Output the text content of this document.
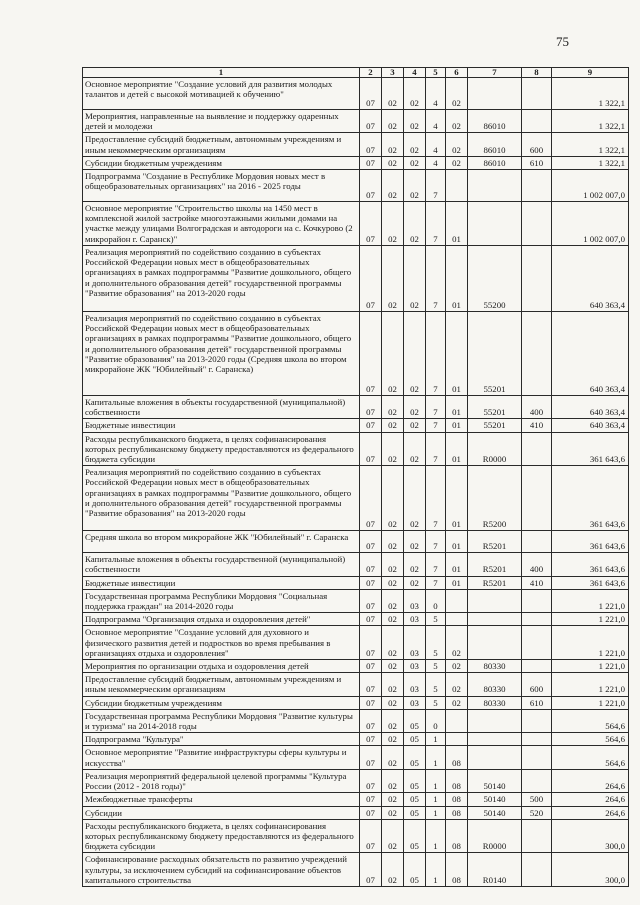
75
1	2	3	4	5	6	7	8	9
Основное мероприятие "Создание условий для развития молодых талантов и детей с высокой мотивацией к обучению"	07	02	02	4	02			1 322,1
Мероприятия, направленные на выявление и поддержку одаренных детей и молодежи	07	02	02	4	02	86010		1 322,1
Предоставление субсидий бюджетным, автономным учреждениям и иным некоммерческим организациям	07	02	02	4	02	86010	600	1 322,1
Субсидии бюджетным учреждениям	07	02	02	4	02	86010	610	1 322,1
Подпрограмма "Создание в Республике Мордовия новых мест в общеобразовательных организациях" на 2016 - 2025 годы	07	02	02	7				1 002 007,0
Основное мероприятие "Строительство школы на 1450 мест в комплексной жилой застройке многоэтажными жилыми домами на участке между улицами Волгоградская и автодороги на с. Кочкурово (2 микрорайон г. Саранск)"	07	02	02	7	01			1 002 007,0
Реализация мероприятий по содействию созданию в субъектах Российской Федерации новых мест в общеобразовательных организациях в рамках подпрограммы "Развитие дошкольного, общего и дополнительного образования детей" государственной программы "Развитие образования" на 2013-2020 годы	07	02	02	7	01	55200		640 363,4
Реализация мероприятий по содействию созданию в субъектах Российской Федерации новых мест в общеобразовательных организациях в рамках подпрограммы "Развитие дошкольного, общего и дополнительного образования детей" государственной программы "Развитие образования" на 2013-2020 годы (Средняя школа во втором микрорайоне ЖК "Юбилейный" г. Саранска)	07	02	02	7	01	55201		640 363,4
Капитальные вложения в объекты государственной (муниципальной) собственности	07	02	02	7	01	55201	400	640 363,4
Бюджетные инвестиции	07	02	02	7	01	55201	410	640 363,4
Расходы республиканского бюджета, в целях софинансирования которых республиканскому бюджету предоставляются из федерального бюджета субсидии	07	02	02	7	01	R0000		361 643,6
Реализация мероприятий по содействию созданию в субъектах Российской Федерации новых мест в общеобразовательных организациях в рамках подпрограммы "Развитие дошкольного, общего и дополнительного образования детей" государственной программы "Развитие образования" на 2013-2020 годы	07	02	02	7	01	R5200		361 643,6
Средняя школа во втором микрорайоне ЖК "Юбилейный" г. Саранска	07	02	02	7	01	R5201		361 643,6
Капитальные вложения в объекты государственной (муниципальной) собственности	07	02	02	7	01	R5201	400	361 643,6
Бюджетные инвестиции	07	02	02	7	01	R5201	410	361 643,6
Государственная программа Республики Мордовия "Социальная поддержка граждан" на 2014-2020 годы	07	02	03	0				1 221,0
Подпрограмма "Организация отдыха и оздоровления детей"	07	02	03	5				1 221,0
Основное мероприятие "Создание условий для духовного и физического развития детей и подростков во время пребывания в организациях отдыха и оздоровления"	07	02	03	5	02			1 221,0
Мероприятия по организации отдыха и оздоровления детей	07	02	03	5	02	80330		1 221,0
Предоставление субсидий бюджетным, автономным учреждениям и иным некоммерческим организациям	07	02	03	5	02	80330	600	1 221,0
Субсидии бюджетным учреждениям	07	02	03	5	02	80330	610	1 221,0
Государственная программа Республики Мордовия "Развитие культуры и туризма" на 2014-2018 годы	07	02	05	0				564,6
Подпрограмма "Культура"	07	02	05	1				564,6
Основное мероприятие "Развитие инфраструктуры сферы культуры и искусства"	07	02	05	1	08			564,6
Реализация мероприятий федеральной целевой программы "Культура России (2012 - 2018 годы)"	07	02	05	1	08	50140		264,6
Межбюджетные трансферты	07	02	05	1	08	50140	500	264,6
Субсидии	07	02	05	1	08	50140	520	264,6
Расходы республиканского бюджета, в целях софинансирования которых республиканскому бюджету предоставляются из федерального бюджета субсидии	07	02	05	1	08	R0000		300,0
Софинансирование расходных обязательств по развитию учреждений культуры, за исключением субсидий на софинансирование объектов капитального строительства	07	02	05	1	08	R0140		300,0
